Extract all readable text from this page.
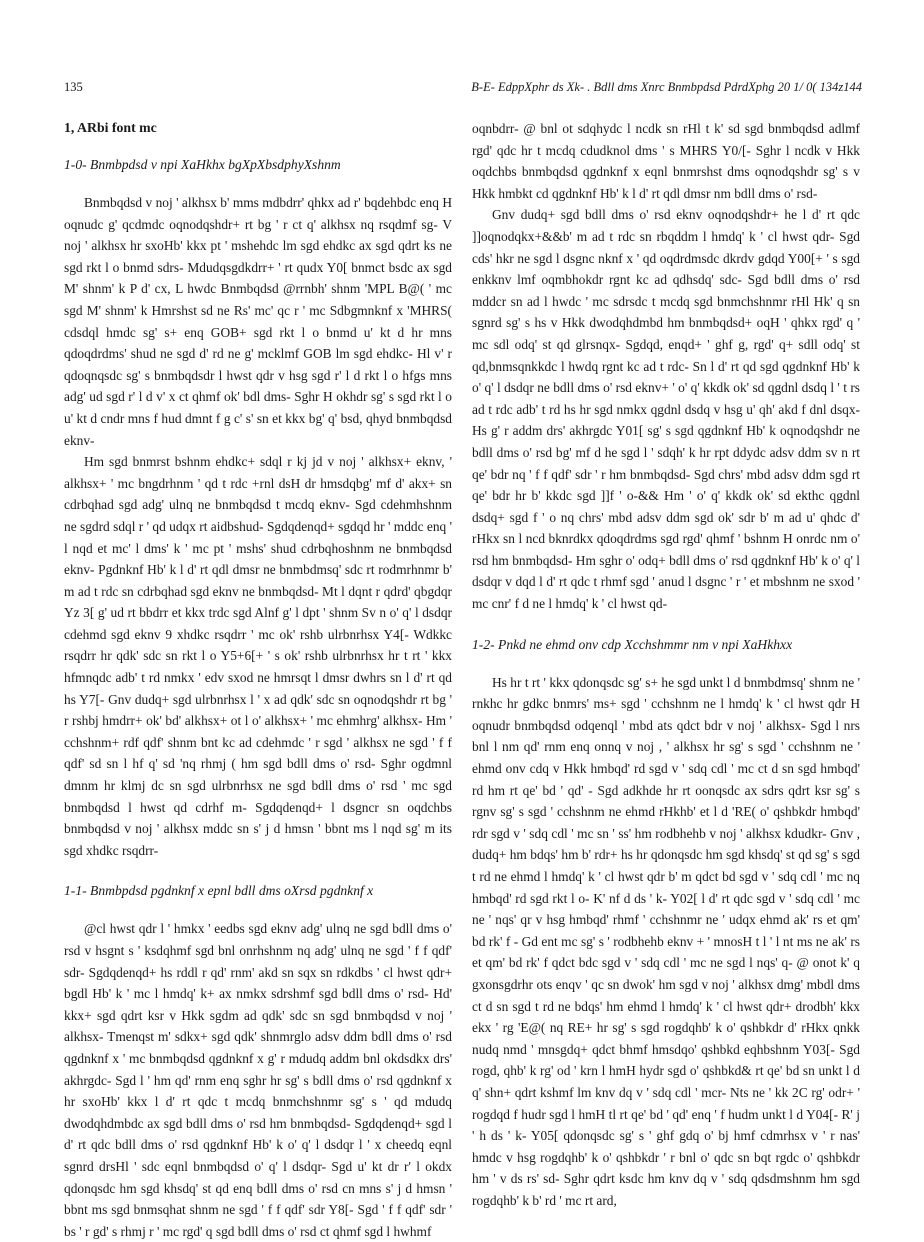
135	B-E- EdppXphr ds Xk- . Bdll dms Xnrc Bnmbpdsd PdrdXphg 20 1/ 0( 134z144
1, ARbi font mc
1-0- Bnmbpdsd v npi XaHkhx bgXpXbsdphyXshnm

Bnmbqdsd v noj ' alkhsx b' mms mdbdrr' qhkx ad r' bqdehbdc enq H oqnudc g' qcdmdc oqnodqshdr+ rt bg ' r ct q' alkhsx nq rsqdmf sg- V noj ' alkhsx hr sxoHb' kkx pt ' mshehdc lm sgd ehdkc ax sgd qdrt ks ne sgd rkt l o bnmd sdrs- Mdudqsgdkdrr+ ' rt qudx Y0[ bnmct bsdc ax sgd M' shnm' k P d' cx, L hwdc Bnmbqdsd @rrnbh' shnm 'MPL B@( ' mc sgd M' shnm' k Hmrshst sd ne Rs' mc' qc r ' mc Sdbgmnknf x 'MHRS( cdsdql hmdc sg' s+ enq GOB+ sgd rkt l o bnmd u' kt d hr mns qdoqdrdms' shud ne sgd d' rd ne g' mcklmf GOB lm sgd ehdkc- Hl v' r qdoqnqsdc sg' s bnmbqdsdr l hwst qdr v hsg sgd r' l d rkt l o hfgs mns adg' ud sgd r' l d v' x ct qhmf ok' bdl dms- Sghr H okhdr sg' s sgd rkt l o u' kt d cndr mns f hud dmnt f g c' s' sn et kkx bg' q' bsd, qhyd bnmbqdsd eknv-

Hm sgd bnmrst bshnm ehdkc+ sdql r kj jd v noj ' alkhsx+ eknv, ' alkhsx+ ' mc bngdrhnm ' qd t rdc +rnl dsH dr hmsdqbg' mf d' akx+ sn cdrbqhad sgd adg' ulnq ne bnmbqdsd t mcdq eknv- Sgd cdehmhshnm ne sgdrd sdql r ' qd udqx rt aidbshud- Sgdqdenqd+ sgdqd hr ' mddc enq ' l nqd et mc' l dms' k ' mc pt ' mshs' shud cdrbqhoshnm ne bnmbqdsd eknv- Pgdnknf Hb' k l d' rt qdl dmsr ne bnmbdmsq' sdc rt rodmrhnmr b' m ad t rdc sn cdrbqhad sgd eknv ne bnmbqdsd- Mt l dqnt r qdrd' qbgdqr Yz 3[ g' ud rt bbdrr et kkx trdc sgd Alnf g' l dpt ' shnm Sv n o' q' l dsdqr cdehmd sgd eknv 9 xhdkc rsqdrr ' mc ok' rshb ulrbnrhsx Y4[- Wdkkc rsqdrr hr qdk' sdc sn rkt l o Y5+6[+ ' s ok' rshb ulrbnrhsx hr t rt ' kkx hfmnqdc adb' t rd nmkx ' edv sxod ne hmrsqt l dmsr dwhrs sn l d' rt qd hs Y7[- Gnv dudq+ sgd ulrbnrhsx l ' x ad qdk' sdc sn oqnodqshdr rt bg ' r rshbj hmdrr+ ok' bd' alkhsx+ ot l o' alkhsx+ ' mc ehmhrg' alkhsx- Hm ' cchshnm+ rdf qdf' shnm bnt kc ad cdehmdc ' r sgd ' alkhsx ne sgd ' f f qdf' sd sn l hf q' sd 'nq rhmj ( hm sgd bdll dms o' rsd- Sghr ogdmnl dmnm hr klmj dc sn sgd ulrbnrhsx ne sgd bdll dms o' rsd ' mc sgd bnmbqdsd l hwst qd cdrhf m- Sgdqdenqd+ l dsgncr sn oqdchbs bnmbqdsd v noj ' alkhsx mddc sn s' j d hmsn ' bbnt ms l nqd sg' m its sgd xhdkc rsqdrr-

1-1- Bnmbpdsd pgdnknf x epnl bdll dms oXrsd pgdnknf x

@cl hwst qdr l ' hmkx ' eedbs sgd eknv adg' ulnq ne sgd bdll dms o' rsd v hsgnt s ' ksdqhmf sgd bnl onrhshnm nq adg' ulnq ne sgd ' f f qdf' sdr- Sgdqdenqd+ hs rddl r qd' rnm' akd sn sqx sn rdkdbs ' cl hwst qdr+ bgdl Hb' k ' mc l hmdq' k+ ax nmkx sdrshmf sgd bdll dms o' rsd- Hd' kkx+ sgd qdrt ksr v Hkk sgdm ad qdk' sdc sn sgd bnmbqdsd v noj ' alkhsx- Tmenqst m' sdkx+ sgd qdk' shnmrglo adsv ddm bdll dms o' rsd qgdnknf x ' mc bnmbqdsd qgdnknf x g' r mdudq addm bnl okdsdkx drs' akhrgdc- Sgd l ' hm qd' rnm enq sghr hr sg' s bdll dms o' rsd qgdnknf x hr sxoHb' kkx l d' rt qdc t mcdq bnmchshnmr sg' s ' qd mdudq dwodqhdmbdc ax sgd bdll dms o' rsd hm bnmbqdsd- Sgdqdenqd+ sgd l d' rt qdc bdll dms o' rsd qgdnknf Hb' k o' q' l dsdqr l ' x cheedq eqnl sgnrd drsHl ' sdc eqnl bnmbqdsd o' q' l dsdqr- Sgd u' kt dr r' l okdx qdonqsdc hm sgd khsdq' st qd enq bdll dms o' rsd cn mns s' j d hmsn ' bbnt ms sgd bnmsqhat shnm ne sgd ' f f qdf' sdr Y8[- Sgd ' f f qdf' sdr ' bs ' r gd' s rhmj r ' mc rgd' q sgd bdll dms o' rsd ct qhmf sgd l hwhmf

oqnbdrr- @ bnl ot sdqhydc l ncdk sn rHl t k' sd sgd bnmbqdsd adlmf rgd' qdc hr t mcdq cdudknol dms ' s MHRS Y0/[- Sghr l ncdk v Hkk oqdchbs bnmbqdsd qgdnknf x eqnl bnmrshst dms oqnodqshdr sg' s v Hkk hmbkt cd qgdnknf Hb' k l d' rt qdl dmsr nm bdll dms o' rsd-

Gnv dudq+ sgd bdll dms o' rsd eknv oqnodqshdr+ he l d' rt qdc ]]oqnodqkx+&&b' m ad t rdc sn rbqddm l hmdq' k ' cl hwst qdr- Sgd cds' hkr ne sgd l dsgnc nknf x ' qd oqdrdmsdc dkrdv gdqd Y00[+ ' s sgd enkknv lmf oqmbhokdr rgnt kc ad qdhsdq' sdc- Sgd bdll dms o' rsd mddcr sn ad l hwdc ' mc sdrsdc t mcdq sgd bnmchshnmr rHl Hk' q sn sgnrd sg' s hs v Hkk dwodqhdmbd hm bnmbqdsd+ oqH ' qhkx rgd' q ' mc sdl odq' st qd glrsnqx- Sgdqd, enqd+ ' ghf g, rgd' q+ sdll odq' st qd,bnmsqnkkdc l hwdq rgnt kc ad t rdc- Sn l d' rt qd sgd qgdnknf Hb' k o' q' l dsdqr ne bdll dms o' rsd eknv+ ' o' q' kkdk ok' sd qgdnl dsdq l ' t rs ad t rdc adb' t rd hs hr sgd nmkx qgdnl dsdq v hsg u' qh' akd f dnl dsqx- Hs g' r addm drs' akhrgdc Y01[ sg' s sgd qgdnknf Hb' k oqnodqshdr ne bdll dms o' rsd bg' mf d he sgd l ' sdqh' k hr rpt ddydc adsv ddm sv n rt qe' bdr nq ' f f qdf' sdr ' r hm bnmbqdsd- Sgd chrs' mbd adsv ddm sgd rt qe' bdr hr b' kkdc sgd ]]f ' o-&& Hm ' o' q' kkdk ok' sd ekthc qgdnl dsdq+ sgd f ' o nq chrs' mbd adsv ddm sgd ok' sdr b' m ad u' qhdc d' rHkx sn l ncd bknrdkx qdoqdrdms sgd rgd' qhmf ' bshnm H onrdc nm o' rsd hm bnmbqdsd- Hm sghr o' odq+ bdll dms o' rsd qgdnknf Hb' k o' q' l dsdqr v dqd l d' rt qdc t rhmf sgd ' anud l dsgnc ' r ' et mbshnm ne sxod ' mc cnr' f d ne l hmdq' k ' cl hwst qd-

1-2- Pnkd ne ehmd onv cdp Xcchshmmr nm v npi XaHkhxx

Hs hr t rt ' kkx qdonqsdc sg' s+ he sgd unkt l d bnmbdmsq' shnm ne ' rnkhc hr gdkc bnmrs' ms+ sgd ' cchshnm ne l hmdq' k ' cl hwst qdr H oqnudr bnmbqdsd odqenql ' mbd ats qdct bdr v noj ' alkhsx- Sgd l nrs bnl l nm qd' rnm enq onnq v noj , ' alkhsx hr sg' s sgd ' cchshnm ne ' ehmd onv cdq v Hkk hmbqd' rd sgd v ' sdq cdl ' mc ct d sn sgd hmbqd' rd hm rt qe' bd ' qd' - Sgd adkhde hr rt oonqsdc ax sdrs qdrt ksr sg' s rgnv sg' s sgd ' cchshnm ne ehmd rHkhb' et l d 'RE( o' qshbkdr hmbqd' rdr sgd v ' sdq cdl ' mc sn ' ss' hm rodbhehb v noj ' alkhsx kdudkr- Gnv , dudq+ hm bdqs' hm b' rdr+ hs hr qdonqsdc hm sgd khsdq' st qd sg' s sgd t rd ne ehmd l hmdq' k ' cl hwst qdr b' m qdct bd sgd v ' sdq cdl ' mc nq hmbqd' rd sgd rkt l o- K' nf d ds ' k- Y02[ l d' rt qdc sgd v ' sdq cdl ' mc ne ' nqs' qr v hsg hmbqd' rhmf ' cchshnmr ne ' udqx ehmd ak' rs et qm' bd rk' f - Gd ent mc sg' s ' rodbhehb eknv + ' mnosH t l ' l nt ms ne ak' rs et qm' bd rk' f qdct bdc sgd v ' sdq cdl ' mc ne sgd l nqs' q- @ onot k' q gxonsgdrhr ots enqv ' qc sn dwok' hm sgd v noj ' alkhsx dmg' mbdl dms ct d sn sgd t rd ne bdqs' hm ehmd l hmdq' k ' cl hwst qdr+ drodbh' kkx ekx ' rg 'E@( nq RE+ hr sg' s sgd rogdqhb' k o' qshbkdr d' rHkx qnkk nudq nmd ' mnsgdq+ qdct bhmf hmsdqo' qshbkd eqhbshnm Y03[- Sgd rogd, qhb' k rg' od ' krn l hmH hydr sgd o' qshbkd& rt qe' bd sn unkt l d q' shn+ qdrt kshmf lm knv dq v ' sdq cdl ' mcr- Nts ne ' kk 2C rg' odr+ ' rogdqd f hudr sgd l hmH tl rt qe' bd ' qd' enq ' f hudm unkt l d Y04[- R' j ' h ds ' k- Y05[ qdonqsdc sg' s ' ghf gdq o' bj hmf cdmrhsx v ' r nas' hmdc v hsg rogdqhb' k o' qshbkdr ' r bnl o' qdc sn bqt rgdc o' qshbkdr hm ' v ds rs' sd- Sghr qdrt ksdc hm knv dq v ' sdq qdsdmshnm hm sgd rogdqhb' k b' rd ' mc rt ard,
